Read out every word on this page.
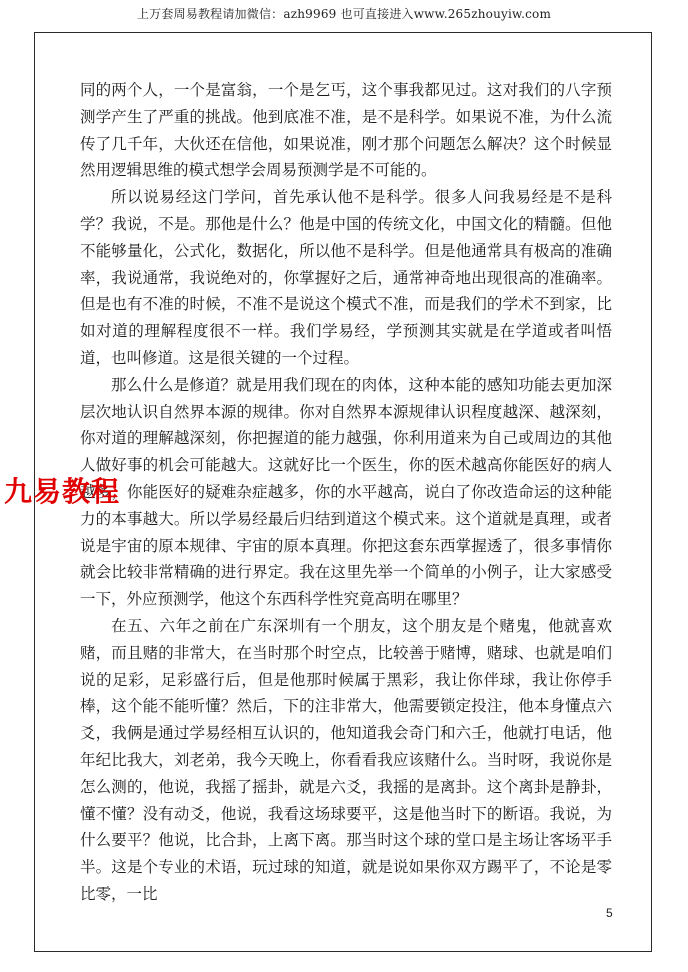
上万套周易教程请加微信：azh9969 也可直接进入www.265zhouyiw.com

同的两个人，一个是富翁，一个是乞丐，这个事我都见过。这对我们的八字预测学产生了严重的挑战。他到底准不准，是不是科学。如果说不准，为什么流传了几千年，大伙还在信他，如果说准，刚才那个问题怎么解决？这个时候显然用逻辑思维的模式想学会周易预测学是不可能的。

所以说易经这门学问，首先承认他不是科学。很多人问我易经是不是科学？我说，不是。那他是什么？他是中国的传统文化，中国文化的精髓。但他不能够量化，公式化，数据化，所以他不是科学。但是他通常具有极高的准确率，我说通常，我说绝对的，你掌握好之后，通常神奇地出现很高的准确率。但是也有不准的时候，不准不是说这个模式不准，而是我们的学术不到家，比如对道的理解程度很不一样。我们学易经，学预测其实就是在学道或者叫悟道，也叫修道。这是很关键的一个过程。

那么什么是修道？就是用我们现在的肉体，这种本能的感知功能去更加深层次地认识自然界本源的规律。你对自然界本源规律认识程度越深、越深刻，你对道的理解越深刻，你把握道的能力越强，你利用道来为自己或周边的其他人做好事的机会可能越大。这就好比一个医生，你的医术越高你能医好的病人越多，你能医好的疑难杂症越多，你的水平越高，说白了你改造命运的这种能力的本事越大。所以学易经最后归结到道这个模式来。这个道就是真理，或者说是宇宙的原本规律、宇宙的原本真理。你把这套东西掌握透了，很多事情你就会比较非常精确的进行界定。我在这里先举一个简单的小例子，让大家感受一下，外应预测学，他这个东西科学性究竟高明在哪里？

在五、六年之前在广东深圳有一个朋友，这个朋友是个赌鬼，他就喜欢赌，而且赌的非常大，在当时那个时空点，比较善于赌博，赌球、也就是咱们说的足彩，足彩盛行后，但是他那时候属于黑彩，我让你伴球，我让你停手棒，这个能不能听懂？然后，下的注非常大，他需要锁定投注，他本身懂点六爻，我俩是通过学易经相互认识的，他知道我会奇门和六壬，他就打电话，他年纪比我大，刘老弟，我今天晚上，你看看我应该赌什么。当时呀，我说你是怎么测的，他说，我摇了摇卦，就是六爻，我摇的是离卦。这个离卦是静卦，懂不懂？没有动爻，他说，我看这场球要平，这是他当时下的断语。我说，为什么要平？他说，比合卦，上离下离。那当时这个球的堂口是主场让客场平手半。这是个专业的术语，玩过球的知道，就是说如果你双方踢平了，不论是零比零，一比

九易教程
5
